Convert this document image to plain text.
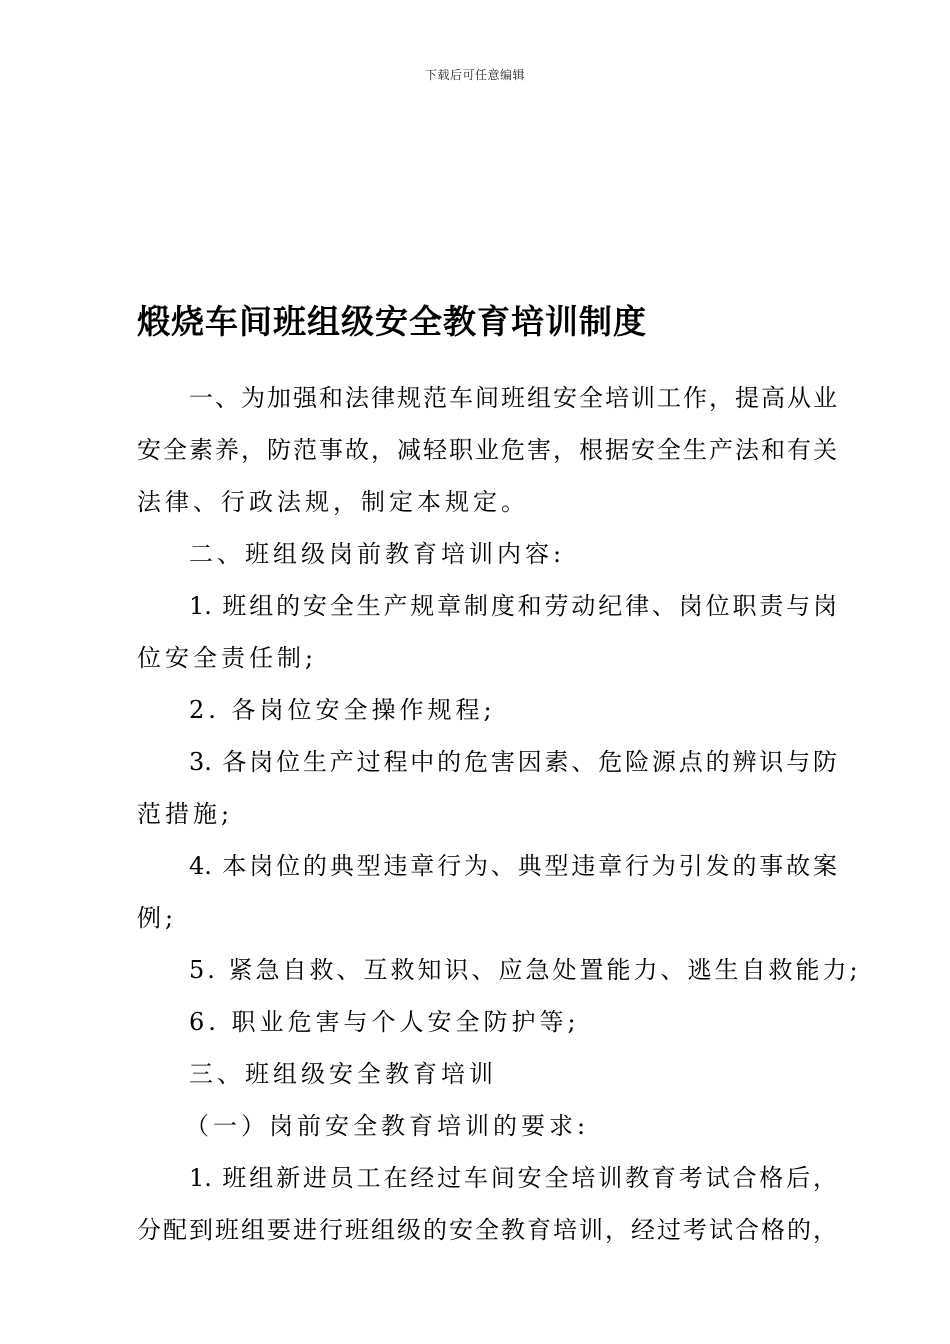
下载后可任意编辑
煅烧车间班组级安全教育培训制度
一、为加强和法律规范车间班组安全培训工作，提高从业
安全素养，防范事故，减轻职业危害，根据安全生产法和有关
法律、行政法规，制定本规定。
二、班组级岗前教育培训内容:
1. 班组的安全生产规章制度和劳动纪律、岗位职责与岗
位安全责任制;
2. 各岗位安全操作规程;
3. 各岗位生产过程中的危害因素、危险源点的辨识与防
范措施;
4. 本岗位的典型违章行为、典型违章行为引发的事故案
例;
5. 紧急自救、互救知识、应急处置能力、逃生自救能力;
6. 职业危害与个人安全防护等;
三、班组级安全教育培训
（一）岗前安全教育培训的要求:
1. 班组新进员工在经过车间安全培训教育考试合格后，
分配到班组要进行班组级的安全教育培训，经过考试合格的，
